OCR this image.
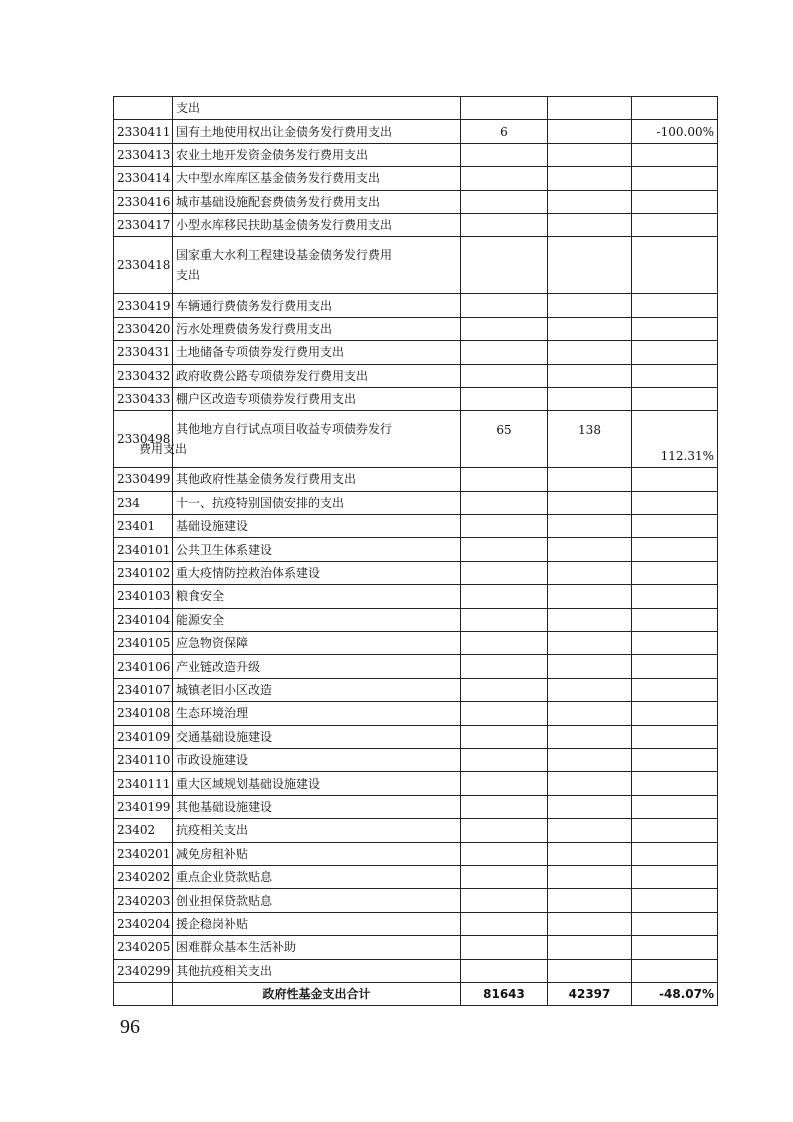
	支出			
2330411	国有土地使用权出让金债务发行费用支出	6		-100.00%
2330413	农业土地开发资金债务发行费用支出			
2330414	大中型水库库区基金债务发行费用支出			
2330416	城市基础设施配套费债务发行费用支出			
2330417	小型水库移民扶助基金债务发行费用支出			
2330418	国家重大水利工程建设基金债务发行费用
支出			

2330419	车辆通行费债务发行费用支出			
2330420	污水处理费债务发行费用支出			
2330431	土地储备专项债券发行费用支出			
2330432	政府收费公路专项债券发行费用支出			
2330433	棚户区改造专项债券发行费用支出			
2330498	其他地方自行试点项目收益专项债券发行
费用支出	65	138	112.31%
2330499	其他政府性基金债务发行费用支出			
234	十一、抗疫特别国债安排的支出			
23401	基础设施建设			
2340101	公共卫生体系建设			
2340102	重大疫情防控救治体系建设			
2340103	粮食安全			
2340104	能源安全			
2340105	应急物资保障			
2340106	产业链改造升级			
2340107	城镇老旧小区改造			
2340108	生态环境治理			
2340109	交通基础设施建设			
2340110	市政设施建设			
2340111	重大区域规划基础设施建设			
2340199	其他基础设施建设			
23402	抗疫相关支出			
2340201	减免房租补贴			
2340202	重点企业贷款贴息			
2340203	创业担保贷款贴息			
2340204	援企稳岗补贴			
2340205	困难群众基本生活补助			
2340299	其他抗疫相关支出			
	政府性基金支出合计	81643	42397	-48.07%
96
